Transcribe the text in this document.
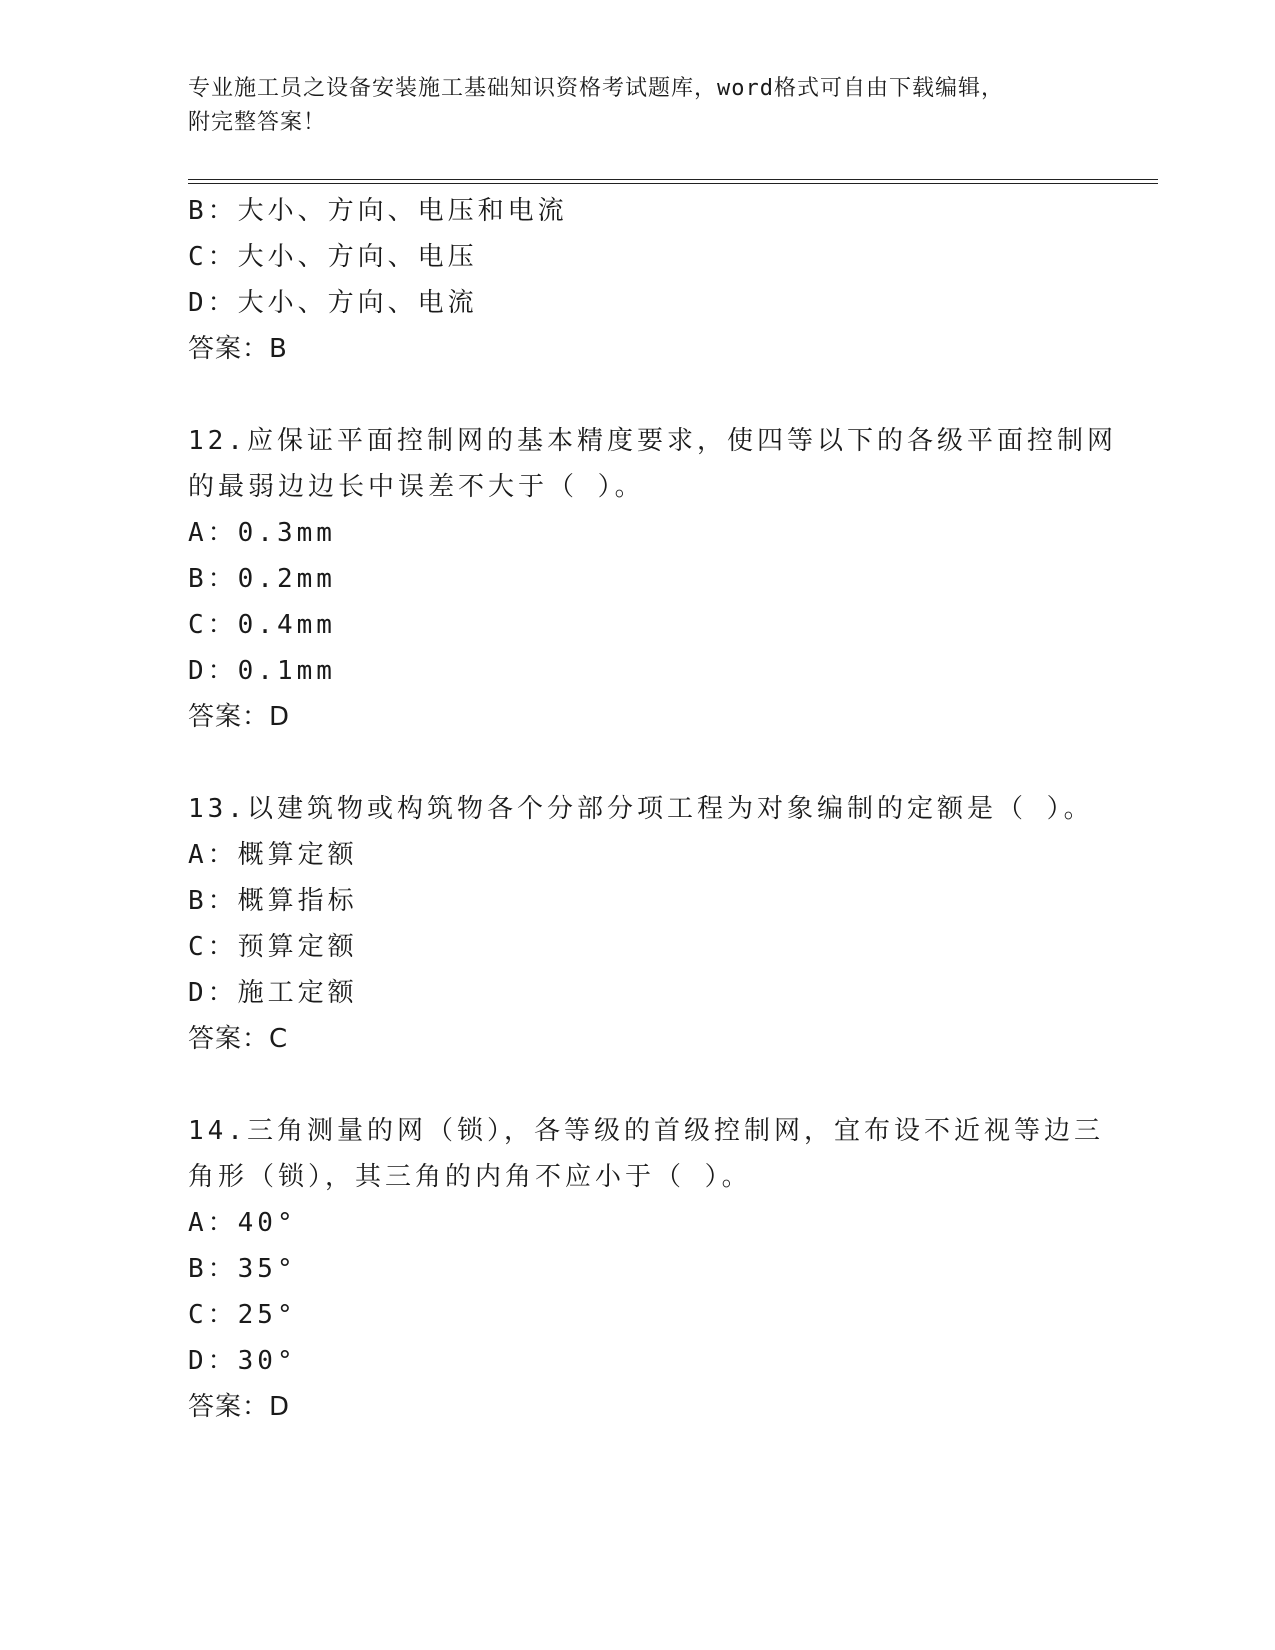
专业施工员之设备安装施工基础知识资格考试题库，word格式可自由下载编辑，
附完整答案！
B：大小、方向、电压和电流
C：大小、方向、电压
D：大小、方向、电流
答案：B
12.应保证平面控制网的基本精度要求，使四等以下的各级平面控制网
的最弱边边长中误差不大于（ ）。
A：0.3mm
B：0.2mm
C：0.4mm
D：0.1mm
答案：D
13.以建筑物或构筑物各个分部分项工程为对象编制的定额是（ ）。
A：概算定额
B：概算指标
C：预算定额
D：施工定额
答案：C
14.三角测量的网（锁），各等级的首级控制网，宜布设不近视等边三
角形（锁），其三角的内角不应小于（ ）。
A：40°
B：35°
C：25°
D：30°
答案：D
